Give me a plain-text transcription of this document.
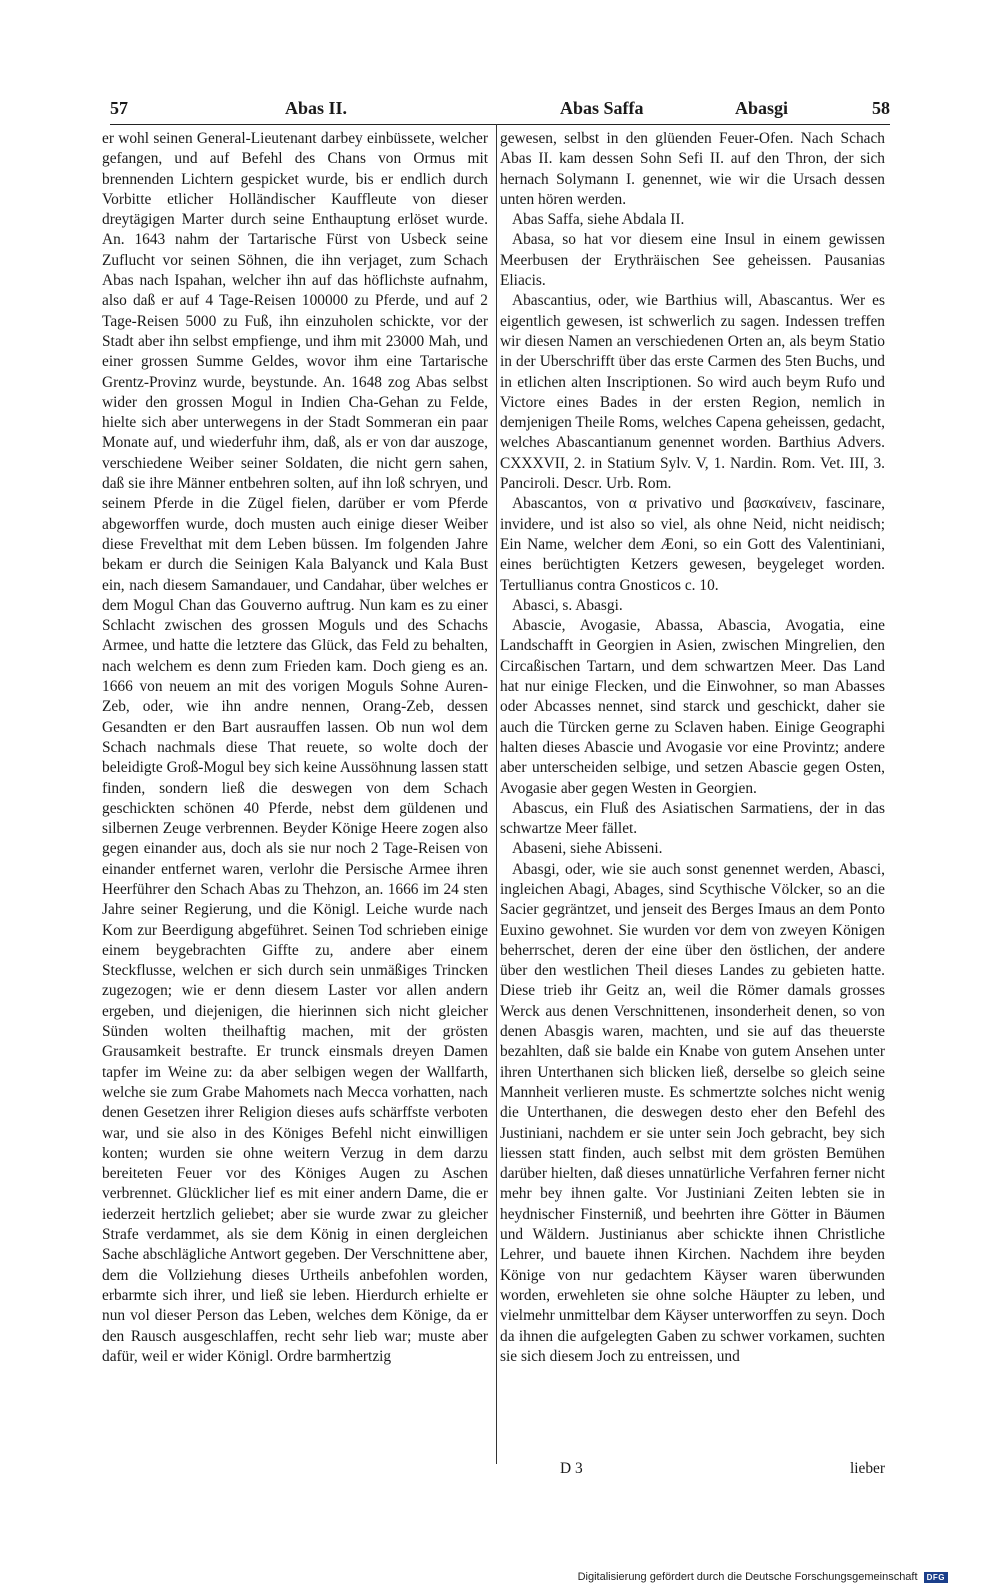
57	Abas II.	Abas Saffa	Abasgi	58

er wohl seinen General-Lieutenant darbey einbüssete, welcher gefangen, und auf Befehl des Chans von Ormus mit brennenden Lichtern gespicket wurde, bis er endlich durch Vorbitte etlicher Holländischer Kauffleute von dieser dreytägigen Marter durch seine Enthauptung erlöset wurde. An. 1643 nahm der Tartarische Fürst von Usbeck seine Zuflucht vor seinen Söhnen, die ihn verjaget, zum Schach Abas nach Ispahan, welcher ihn auf das höflichste aufnahm, also daß er auf 4 Tage-Reisen 100000 zu Pferde, und auf 2 Tage-Reisen 5000 zu Fuß, ihn einzuholen schickte, vor der Stadt aber ihn selbst empfienge, und ihm mit 23000 Mah, und einer grossen Summe Geldes, wovor ihm eine Tartarische Grentz-Provinz wurde, beystunde. An. 1648 zog Abas selbst wider den grossen Mogul in Indien Cha-Gehan zu Felde, hielte sich aber unterwegens in der Stadt Sommeran ein paar Monate auf, und wiederfuhr ihm, daß, als er von dar auszoge, verschiedene Weiber seiner Soldaten, die nicht gern sahen, daß sie ihre Männer entbehren solten, auf ihn loß schryen, und seinem Pferde in die Zügel fielen, darüber er vom Pferde abgeworffen wurde, doch musten auch einige dieser Weiber diese Frevelthat mit dem Leben büssen. Im folgenden Jahre bekam er durch die Seinigen Kala Balyanck und Kala Bust ein, nach diesem Samandauer, und Candahar, über welches er dem Mogul Chan das Gouverno auftrug. Nun kam es zu einer Schlacht zwischen des grossen Moguls und des Schachs Armee, und hatte die letztere das Glück, das Feld zu behalten, nach welchem es denn zum Frieden kam. Doch gieng es an. 1666 von neuem an mit des vorigen Moguls Sohne Auren-Zeb, oder, wie ihn andre nennen, Orang-Zeb, dessen Gesandten er den Bart ausrauffen lassen. Ob nun wol dem Schach nachmals diese That reuete, so wolte doch der beleidigte Groß-Mogul bey sich keine Aussöhnung lassen statt finden, sondern ließ die deswegen von dem Schach geschickten schönen 40 Pferde, nebst dem güldenen und silbernen Zeuge verbrennen. Beyder Könige Heere zogen also gegen einander aus, doch als sie nur noch 2 Tage-Reisen von einander entfernet waren, verlohr die Persische Armee ihren Heerführer den Schach Abas zu Thehzon, an. 1666 im 24 sten Jahre seiner Regierung, und die Königl. Leiche wurde nach Kom zur Beerdigung abgeführet. Seinen Tod schrieben einige einem beygebrachten Giffte zu, andere aber einem Steckflusse, welchen er sich durch sein unmäßiges Trincken zugezogen; wie er denn diesem Laster vor allen andern ergeben, und diejenigen, die hierinnen sich nicht gleicher Sünden wolten theilhaftig machen, mit der grösten Grausamkeit bestrafte. Er trunck einsmals dreyen Damen tapfer im Weine zu: da aber selbigen wegen der Wallfarth, welche sie zum Grabe Mahomets nach Mecca vorhatten, nach denen Gesetzen ihrer Religion dieses aufs schärffste verboten war, und sie also in des Königes Befehl nicht einwilligen konten; wurden sie ohne weitern Verzug in dem darzu bereiteten Feuer vor des Königes Augen zu Aschen verbrennet. Glücklicher lief es mit einer andern Dame, die er iederzeit hertzlich geliebet; aber sie wurde zwar zu gleicher Strafe verdammet, als sie dem König in einen dergleichen Sache abschlägliche Antwort gegeben. Der Verschnittene aber, dem die Vollziehung dieses Urtheils anbefohlen worden, erbarmte sich ihrer, und ließ sie leben. Hierdurch erhielte er nun vol dieser Person das Leben, welches dem Könige, da er den Rausch ausgeschlaffen, recht sehr lieb war; muste aber dafür, weil er wider Königl. Ordre barmhertzig

gewesen, selbst in den glüenden Feuer-Ofen. Nach Schach Abas II. kam dessen Sohn Sefi II. auf den Thron, der sich hernach Solymann I. genennet, wie wir die Ursach dessen unten hören werden.

Abas Saffa, siehe Abdala II.

Abasa, so hat vor diesem eine Insul in einem gewissen Meerbusen der Erythräischen See geheissen. Pausanias Eliacis.

Abascantius, oder, wie Barthius will, Abascantus. Wer es eigentlich gewesen, ist schwerlich zu sagen. Indessen treffen wir diesen Namen an verschiedenen Orten an, als beym Statio in der Uberschrifft über das erste Carmen des 5ten Buchs, und in etlichen alten Inscriptionen. So wird auch beym Rufo und Victore eines Bades in der ersten Region, nemlich in demjenigen Theile Roms, welches Capena geheissen, gedacht, welches Abascantianum genennet worden. Barthius Advers. CXXXVII, 2. in Statium Sylv. V, 1. Nardin. Rom. Vet. III, 3. Panciroli. Descr. Urb. Rom.

Abascantos, von α privativo und βασκαίνειν, fascinare, invidere, und ist also so viel, als ohne Neid, nicht neidisch; Ein Name, welcher dem Æoni, so ein Gott des Valentiniani, eines berüchtigten Ketzers gewesen, beygeleget worden. Tertullianus contra Gnosticos c. 10.

Abasci, s. Abasgi.

Abascie, Avogasie, Abassa, Abascia, Avogatia, eine Landschafft in Georgien in Asien, zwischen Mingrelien, den Circaßischen Tartarn, und dem schwartzen Meer. Das Land hat nur einige Flecken, und die Einwohner, so man Abasses oder Abcasses nennet, sind starck und geschickt, daher sie auch die Türcken gerne zu Sclaven haben. Einige Geographi halten dieses Abascie und Avogasie vor eine Provintz; andere aber unterscheiden selbige, und setzen Abascie gegen Osten, Avogasie aber gegen Westen in Georgien.

Abascus, ein Fluß des Asiatischen Sarmatiens, der in das schwartze Meer fället.

Abaseni, siehe Abisseni.

Abasgi, oder, wie sie auch sonst genennet werden, Abasci, ingleichen Abagi, Abages, sind Scythische Völcker, so an die Sacier gegräntzet, und jenseit des Berges Imaus an dem Ponto Euxino gewohnet. Sie wurden vor dem von zweyen Königen beherrschet, deren der eine über den östlichen, der andere über den westlichen Theil dieses Landes zu gebieten hatte. Diese trieb ihr Geitz an, weil die Römer damals grosses Werck aus denen Verschnittenen, insonderheit denen, so von denen Abasgis waren, machten, und sie auf das theuerste bezahlten, daß sie balde ein Knabe von gutem Ansehen unter ihren Unterthanen sich blicken ließ, derselbe so gleich seine Mannheit verlieren muste. Es schmertzte solches nicht wenig die Unterthanen, die deswegen desto eher den Befehl des Justiniani, nachdem er sie unter sein Joch gebracht, bey sich liessen statt finden, auch selbst mit dem grösten Bemühen darüber hielten, daß dieses unnatürliche Verfahren ferner nicht mehr bey ihnen galte. Vor Justiniani Zeiten lebten sie in heydnischer Finsterniß, und beehrten ihre Götter in Bäumen und Wäldern. Justinianus aber schickte ihnen Christliche Lehrer, und bauete ihnen Kirchen. Nachdem ihre beyden Könige von nur gedachtem Käyser waren überwunden worden, erwehleten sie ohne solche Häupter zu leben, und vielmehr unmittelbar dem Käyser unterworffen zu seyn. Doch da ihnen die aufgelegten Gaben zu schwer vorkamen, suchten sie sich diesem Joch zu entreissen, und

D 3	lieber
Digitalisierung gefördert durch die Deutsche Forschungsgemeinschaft DFG
